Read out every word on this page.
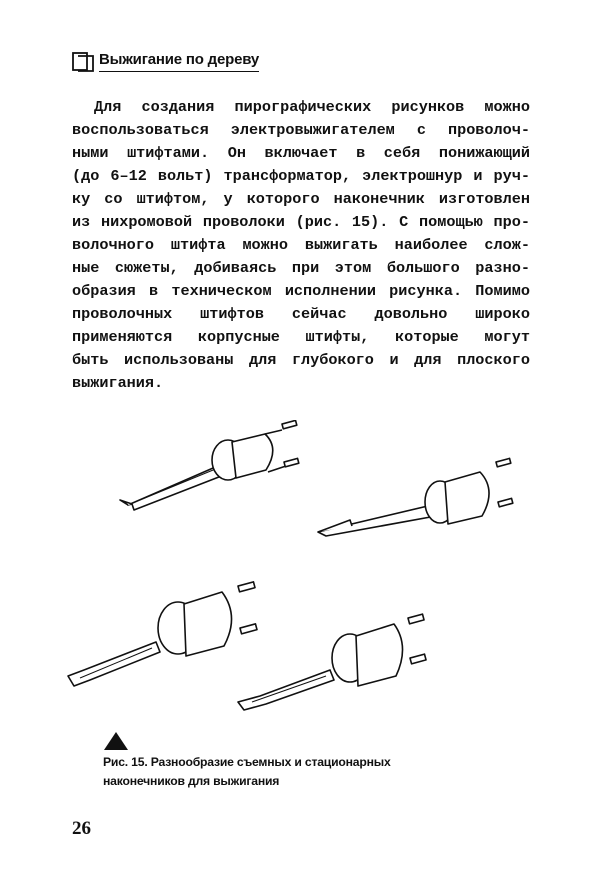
Выжигание по дереву
Для создания пирографических рисунков можно
воспользоваться электровыжигателем с проволоч-
ными штифтами. Он включает в себя понижающий
(до 6–12 вольт) трансформатор, электрошнур и руч-
ку со штифтом, у которого наконечник изготовлен
из нихромовой проволоки (рис. 15). С помощью про-
волочного штифта можно выжигать наиболее слож-
ные сюжеты, добиваясь при этом большого разно-
образия в техническом исполнении рисунка. Помимо
проволочных штифтов сейчас довольно широко
применяются корпусные штифты, которые могут
быть использованы для глубокого и для плоского
выжигания.
Рис. 15. Разнообразие съемных и стационарных
наконечников для выжигания
26
